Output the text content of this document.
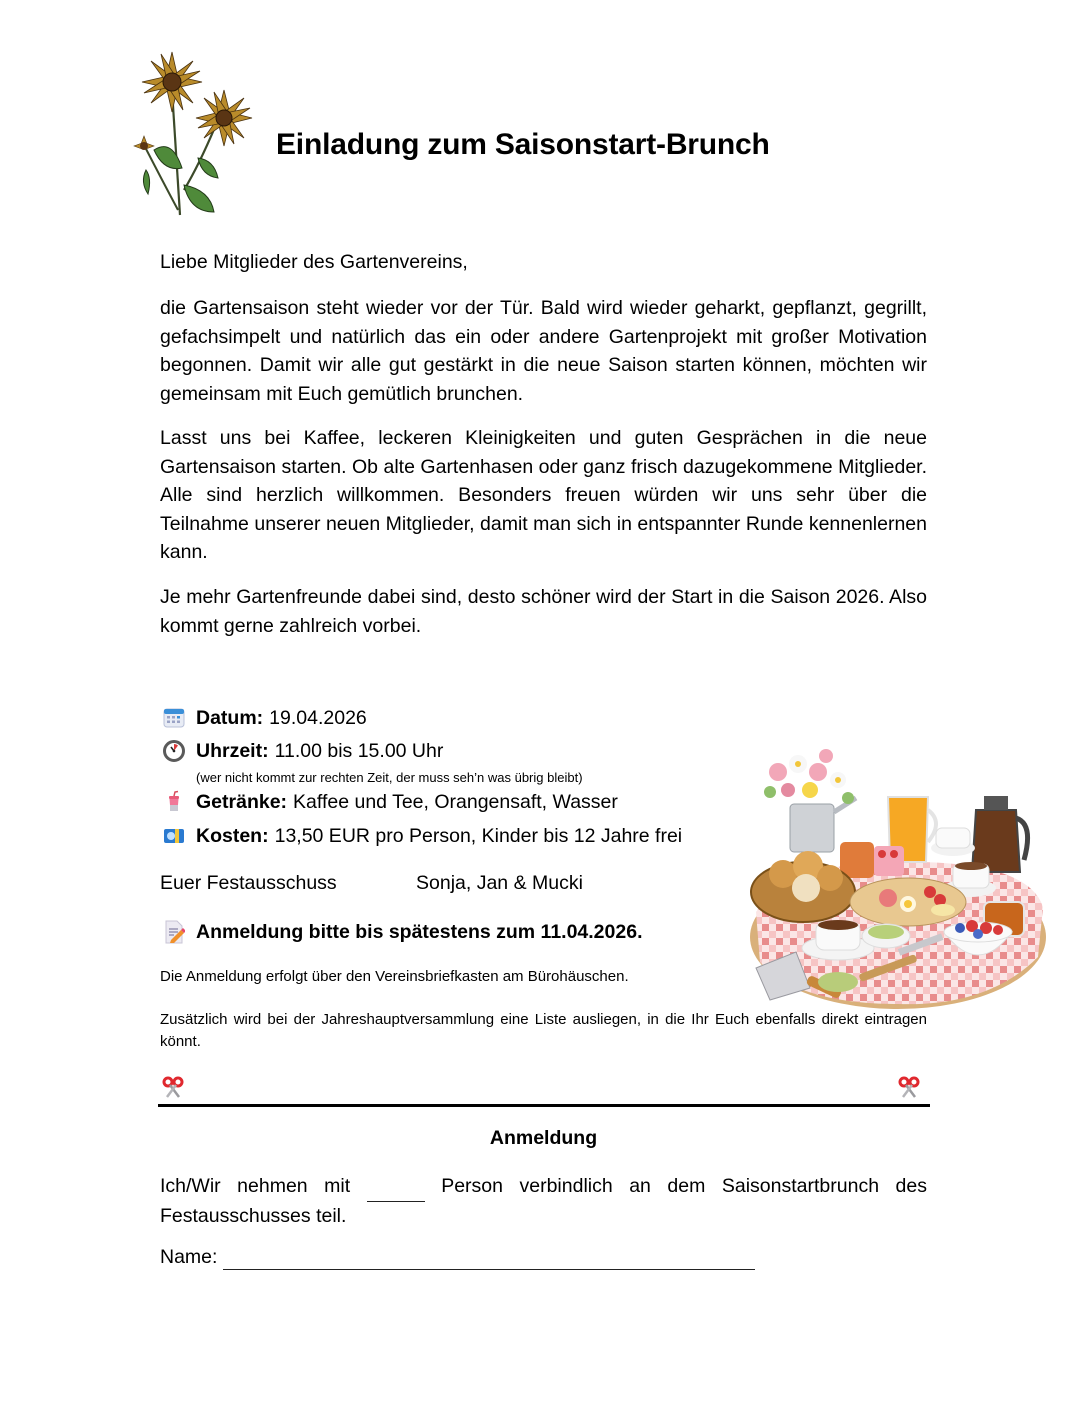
Einladung zum Saisonstart-Brunch
Liebe Mitglieder des Gartenvereins,

die Gartensaison steht wieder vor der Tür. Bald wird wieder geharkt, gepflanzt, gegrillt, gefachsimpelt und natürlich das ein oder andere Gartenprojekt mit großer Motivation begonnen. Damit wir alle gut gestärkt in die neue Saison starten können, möchten wir gemeinsam mit Euch gemütlich brunchen.

Lasst uns bei Kaffee, leckeren Kleinigkeiten und guten Gesprächen in die neue Gartensaison starten. Ob alte Gartenhasen oder ganz frisch dazugekommene Mitglieder. Alle sind herzlich willkommen. Besonders freuen würden wir uns sehr über die Teilnahme unserer neuen Mitglieder, damit man sich in entspannter Runde kennenlernen kann.

Je mehr Gartenfreunde dabei sind, desto schöner wird der Start in die Saison 2026. Also kommt gerne zahlreich vorbei.

Datum: 19.04.2026
Uhrzeit: 11.00 bis 15.00 Uhr
(wer nicht kommt zur rechten Zeit, der muss seh’n was übrig bleibt)
Getränke: Kaffee und Tee, Orangensaft, Wasser
Kosten: 13,50 EUR pro Person, Kinder bis 12 Jahre frei
Euer Festausschuss	Sonja, Jan & Mucki
Anmeldung bitte bis spätestens zum 11.04.2026.
Die Anmeldung erfolgt über den Vereinsbriefkasten am Bürohäuschen.
Zusätzlich wird bei der Jahreshauptversammlung eine Liste ausliegen, in die Ihr Euch ebenfalls direkt eintragen könnt.
Anmeldung

Ich/Wir nehmen mit	Person verbindlich an dem Saisonstartbrunch des Festausschusses teil.

Name:
